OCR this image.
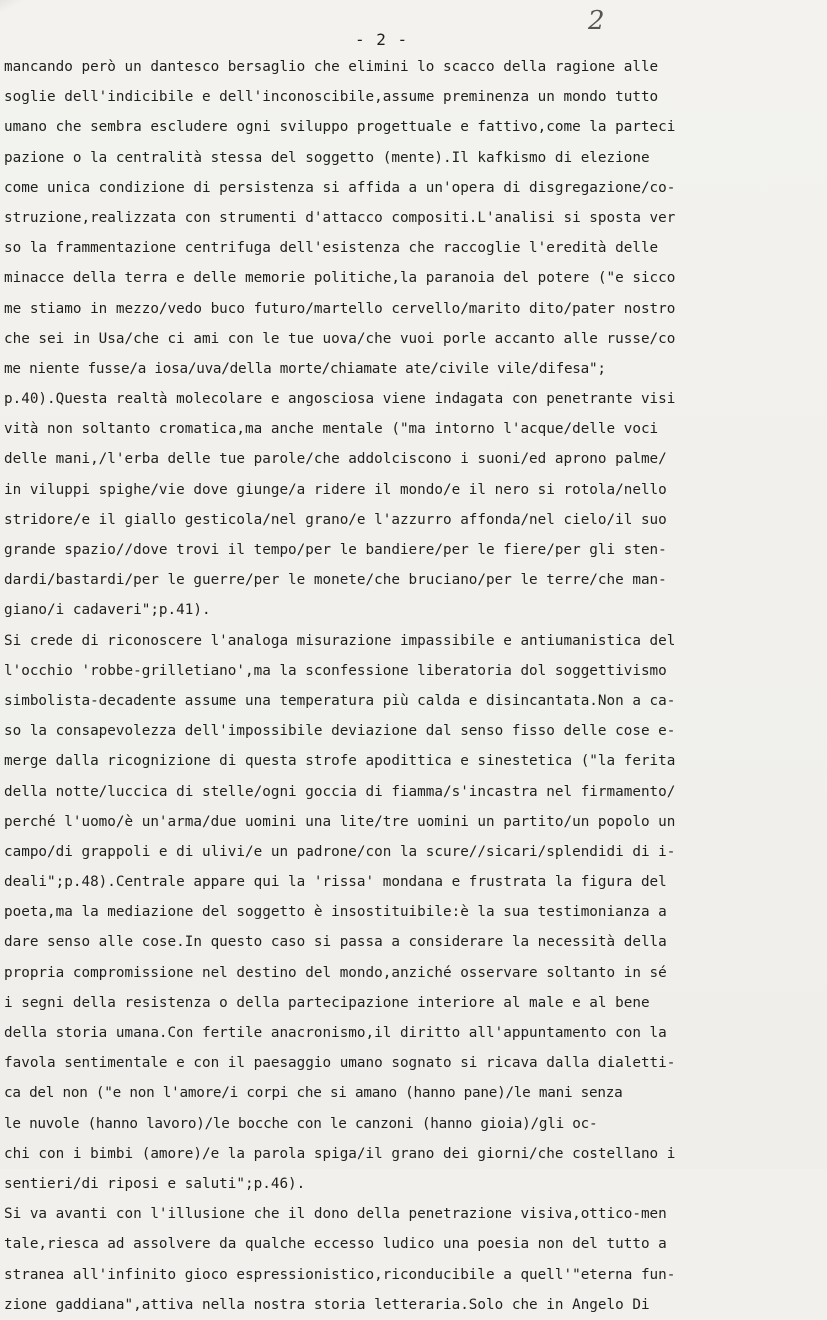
- 2 -
2
mancando però un dantesco bersaglio che elimini lo scacco della ragione alle
soglie dell'indicibile e dell'inconoscibile,assume preminenza un mondo tutto
umano che sembra escludere ogni sviluppo progettuale e fattivo,come la parteci
pazione o la centralità stessa del soggetto (mente).Il kafkismo di elezione
come unica condizione di persistenza si affida a un'opera di disgregazione/co-
struzione,realizzata con strumenti d'attacco compositi.L'analisi si sposta ver
so la frammentazione centrifuga dell'esistenza che raccoglie l'eredità delle
minacce della terra e delle memorie politiche,la paranoia del potere ("e sicco
me stiamo in mezzo/vedo buco futuro/martello cervello/marito dito/pater nostro
che sei in Usa/che ci ami con le tue uova/che vuoi porle accanto alle russe/co
me niente fusse/a iosa/uva/della morte/chiamate ate/civile vile/difesa";
p.40).Questa realtà molecolare e angosciosa viene indagata con penetrante visi
vità non soltanto cromatica,ma anche mentale ("ma intorno l'acque/delle voci
delle mani,/l'erba delle tue parole/che addolciscono i suoni/ed aprono palme/
in viluppi spighe/vie dove giunge/a ridere il mondo/e il nero si rotola/nello
stridore/e il giallo gesticola/nel grano/e l'azzurro affonda/nel cielo/il suo
grande spazio//dove trovi il tempo/per le bandiere/per le fiere/per gli sten-
dardi/bastardi/per le guerre/per le monete/che bruciano/per le terre/che man-
giano/i cadaveri";p.41).
Si crede di riconoscere l'analoga misurazione impassibile e antiumanistica del
l'occhio 'robbe-grilletiano',ma la sconfessione liberatoria dol soggettivismo
simbolista-decadente assume una temperatura più calda e disincantata.Non a ca-
so la consapevolezza dell'impossibile deviazione dal senso fisso delle cose e-
merge dalla ricognizione di questa strofe apodittica e sinestetica ("la ferita
della notte/luccica di stelle/ogni goccia di fiamma/s'incastra nel firmamento/
perché l'uomo/è un'arma/due uomini una lite/tre uomini un partito/un popolo un
campo/di grappoli e di ulivi/e un padrone/con la scure//sicari/splendidi di i-
deali";p.48).Centrale appare qui la 'rissa' mondana e frustrata la figura del
poeta,ma la mediazione del soggetto è insostituibile:è la sua testimonianza a
dare senso alle cose.In questo caso si passa a considerare la necessità della
propria compromissione nel destino del mondo,anziché osservare soltanto in sé
i segni della resistenza o della partecipazione interiore al male e al bene
della storia umana.Con fertile anacronismo,il diritto all'appuntamento con la
favola sentimentale e con il paesaggio umano sognato si ricava dalla dialetti-
ca del non ("e non l'amore/i corpi che si amano (hanno pane)/le mani senza
le nuvole (hanno lavoro)/le bocche con le canzoni (hanno gioia)/gli oc-
chi con i bimbi (amore)/e la parola spiga/il grano dei giorni/che costellano i
sentieri/di riposi e saluti";p.46).
Si va avanti con l'illusione che il dono della penetrazione visiva,ottico-men
tale,riesca ad assolvere da qualche eccesso ludico una poesia non del tutto a
stranea all'infinito gioco espressionistico,riconducibile a quell'"eterna fun-
zione gaddiana",attiva nella nostra storia letteraria.Solo che in Angelo Di
